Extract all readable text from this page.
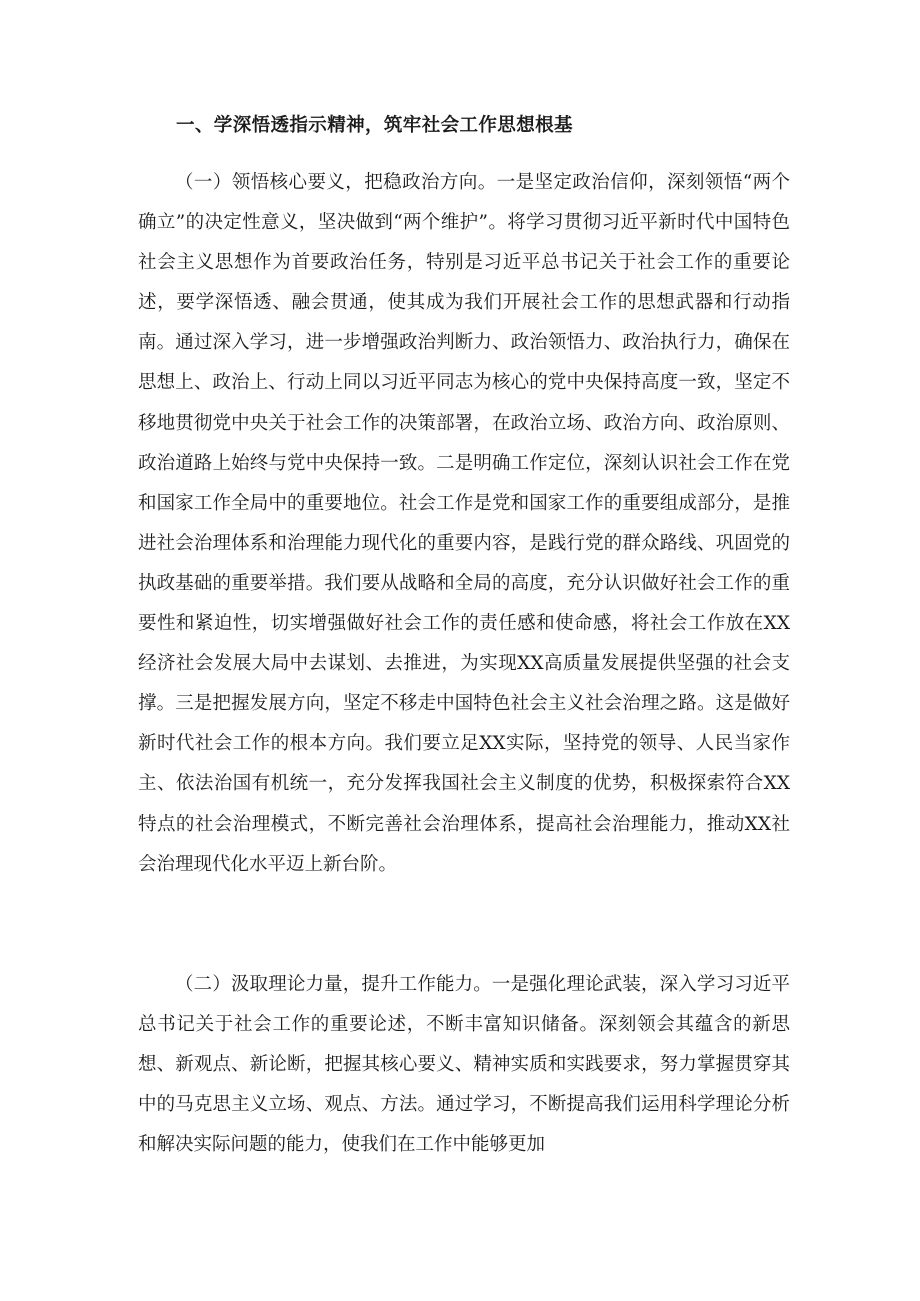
一、学深悟透指示精神，筑牢社会工作思想根基

（一）领悟核心要义，把稳政治方向。一是坚定政治信仰，深刻领悟“两个确立”的决定性意义，坚决做到“两个维护”。将学习贯彻习近平新时代中国特色社会主义思想作为首要政治任务，特别是习近平总书记关于社会工作的重要论述，要学深悟透、融会贯通，使其成为我们开展社会工作的思想武器和行动指南。通过深入学习，进一步增强政治判断力、政治领悟力、政治执行力，确保在思想上、政治上、行动上同以习近平同志为核心的党中央保持高度一致，坚定不移地贯彻党中央关于社会工作的决策部署，在政治立场、政治方向、政治原则、政治道路上始终与党中央保持一致。二是明确工作定位，深刻认识社会工作在党和国家工作全局中的重要地位。社会工作是党和国家工作的重要组成部分，是推进社会治理体系和治理能力现代化的重要内容，是践行党的群众路线、巩固党的执政基础的重要举措。我们要从战略和全局的高度，充分认识做好社会工作的重要性和紧迫性，切实增强做好社会工作的责任感和使命感，将社会工作放在XX经济社会发展大局中去谋划、去推进，为实现XX高质量发展提供坚强的社会支撑。三是把握发展方向，坚定不移走中国特色社会主义社会治理之路。这是做好新时代社会工作的根本方向。我们要立足XX实际，坚持党的领导、人民当家作主、依法治国有机统一，充分发挥我国社会主义制度的优势，积极探索符合XX特点的社会治理模式，不断完善社会治理体系，提高社会治理能力，推动XX社会治理现代化水平迈上新台阶。

（二）汲取理论力量，提升工作能力。一是强化理论武装，深入学习习近平总书记关于社会工作的重要论述，不断丰富知识储备。深刻领会其蕴含的新思想、新观点、新论断，把握其核心要义、精神实质和实践要求，努力掌握贯穿其中的马克思主义立场、观点、方法。通过学习，不断提高我们运用科学理论分析和解决实际问题的能力，使我们在工作中能够更加
